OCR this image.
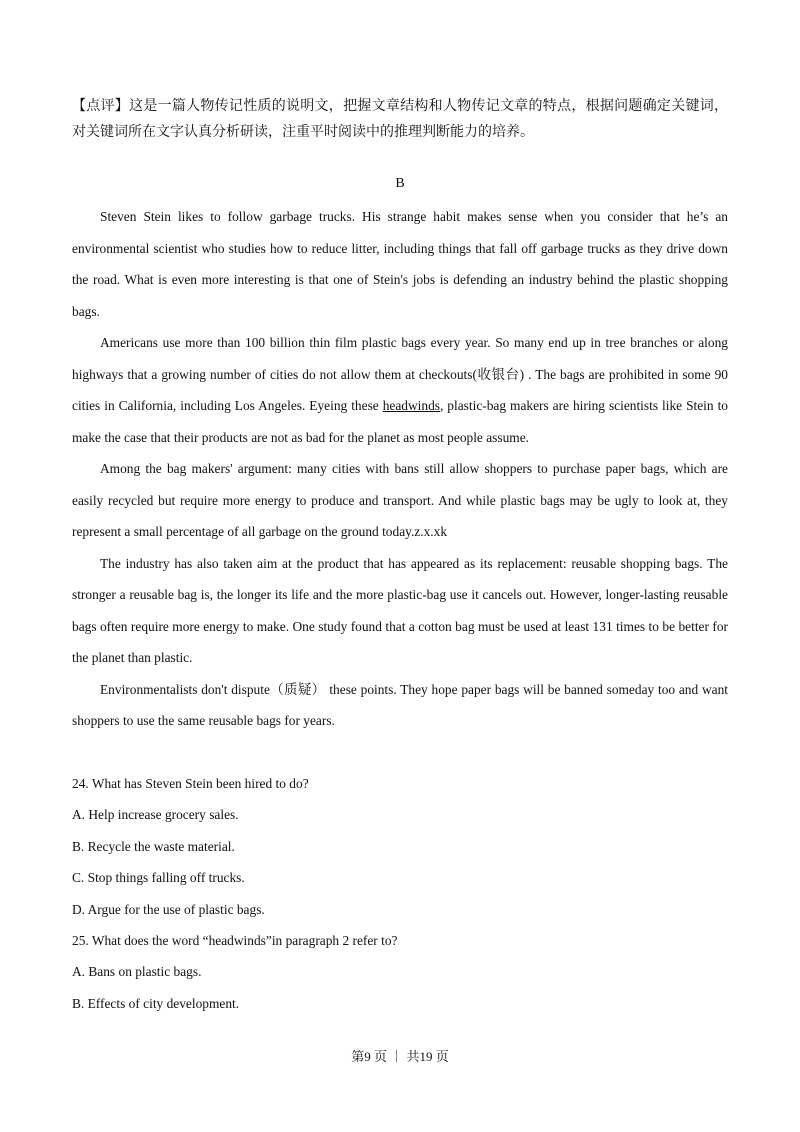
【点评】这是一篇人物传记性质的说明文，把握文章结构和人物传记文章的特点，根据问题确定关键词，对关键词所在文字认真分析研读，注重平时阅读中的推理判断能力的培养。
B

Steven Stein likes to follow garbage trucks. His strange habit makes sense when you consider that he’s an environmental scientist who studies how to reduce litter, including things that fall off garbage trucks as they drive down the road. What is even more interesting is that one of Stein's jobs is defending an industry behind the plastic shopping bags.

Americans use more than 100 billion thin film plastic bags every year. So many end up in tree branches or along highways that a growing number of cities do not allow them at checkouts(收银台) . The bags are prohibited in some 90 cities in California, including Los Angeles. Eyeing these headwinds, plastic-bag makers are hiring scientists like Stein to make the case that their products are not as bad for the planet as most people assume.

Among the bag makers' argument: many cities with bans still allow shoppers to purchase paper bags, which are easily recycled but require more energy to produce and transport. And while plastic bags may be ugly to look at, they represent a small percentage of all garbage on the ground today.z.x.xk

The industry has also taken aim at the product that has appeared as its replacement: reusable shopping bags. The stronger a reusable bag is, the longer its life and the more plastic-bag use it cancels out. However, longer-lasting reusable bags often require more energy to make. One study found that a cotton bag must be used at least 131 times to be better for the planet than plastic.

Environmentalists don't dispute（质疑） these points. They hope paper bags will be banned someday too and want shoppers to use the same reusable bags for years.

24. What has Steven Stein been hired to do?
A. Help increase grocery sales.
B. Recycle the waste material.
C. Stop things falling off trucks.
D. Argue for the use of plastic bags.
25. What does the word “headwinds”in paragraph 2 refer to?
A. Bans on plastic bags.
B. Effects of city development.
第9 页 ｜ 共19 页
